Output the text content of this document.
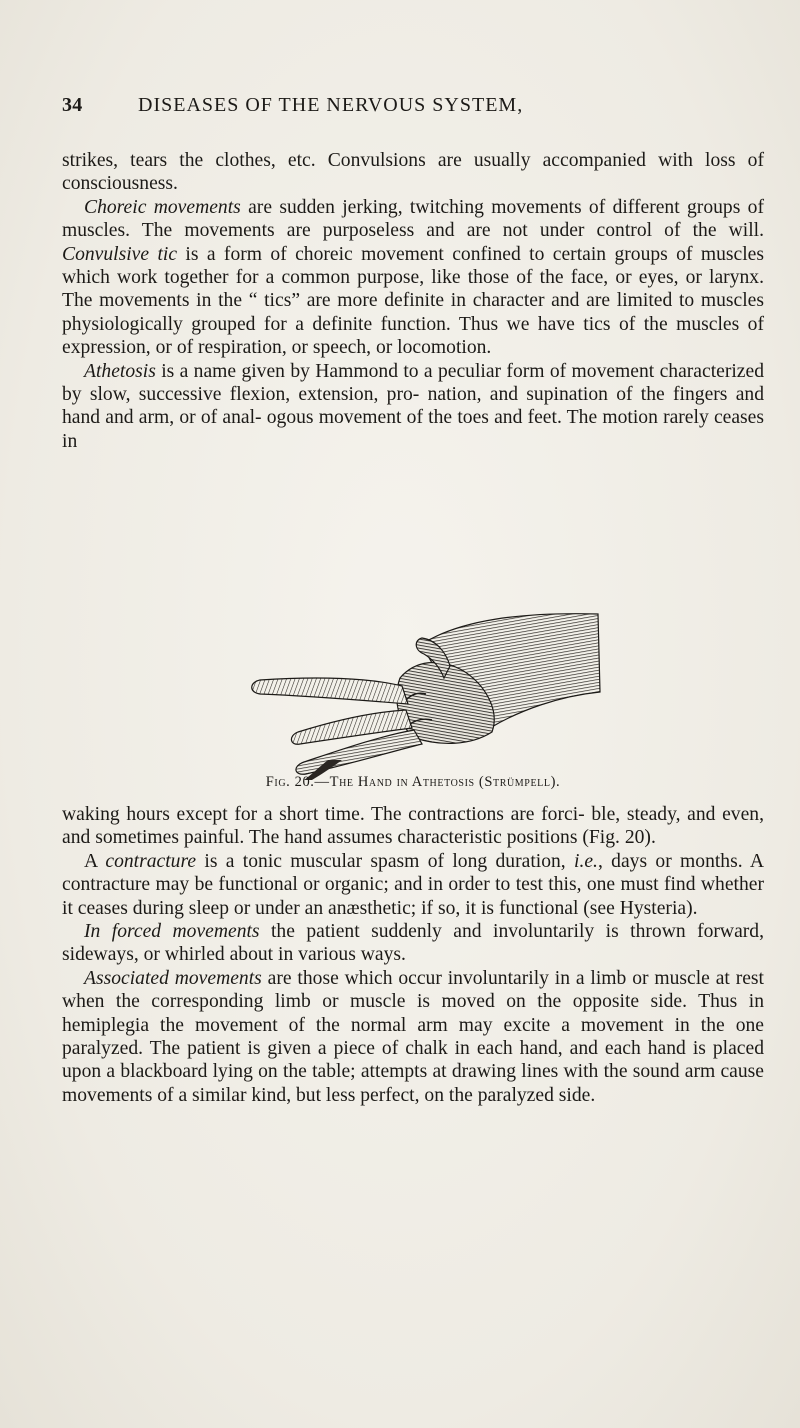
34	DISEASES OF THE NERVOUS SYSTEM,

strikes, tears the clothes, etc. Convulsions are usually accompanied with loss of consciousness.

Choreic movements are sudden jerking, twitching movements of different groups of muscles. The movements are purposeless and are not under control of the will. Convulsive tic is a form of choreic movement confined to certain groups of muscles which work together for a common purpose, like those of the face, or eyes, or larynx. The movements in the “ tics” are more definite in character and are limited to muscles physiologically grouped for a definite function. Thus we have tics of the muscles of expression, or of respiration, or speech, or locomotion.

Athetosis is a name given by Hammond to a peculiar form of movement characterized by slow, successive flexion, extension, pro- nation, and supination of the fingers and hand and arm, or of anal- ogous movement of the toes and feet. The motion rarely ceases in

Fig. 20.—The Hand in Athetosis (Strümpell).

waking hours except for a short time. The contractions are forci- ble, steady, and even, and sometimes painful. The hand assumes characteristic positions (Fig. 20).

A contracture is a tonic muscular spasm of long duration, i.e., days or months. A contracture may be functional or organic; and in order to test this, one must find whether it ceases during sleep or under an anæsthetic; if so, it is functional (see Hysteria).

In forced movements the patient suddenly and involuntarily is thrown forward, sideways, or whirled about in various ways.

Associated movements are those which occur involuntarily in a limb or muscle at rest when the corresponding limb or muscle is moved on the opposite side. Thus in hemiplegia the movement of the normal arm may excite a movement in the one paralyzed. The patient is given a piece of chalk in each hand, and each hand is placed upon a blackboard lying on the table; attempts at drawing lines with the sound arm cause movements of a similar kind, but less perfect, on the paralyzed side.
